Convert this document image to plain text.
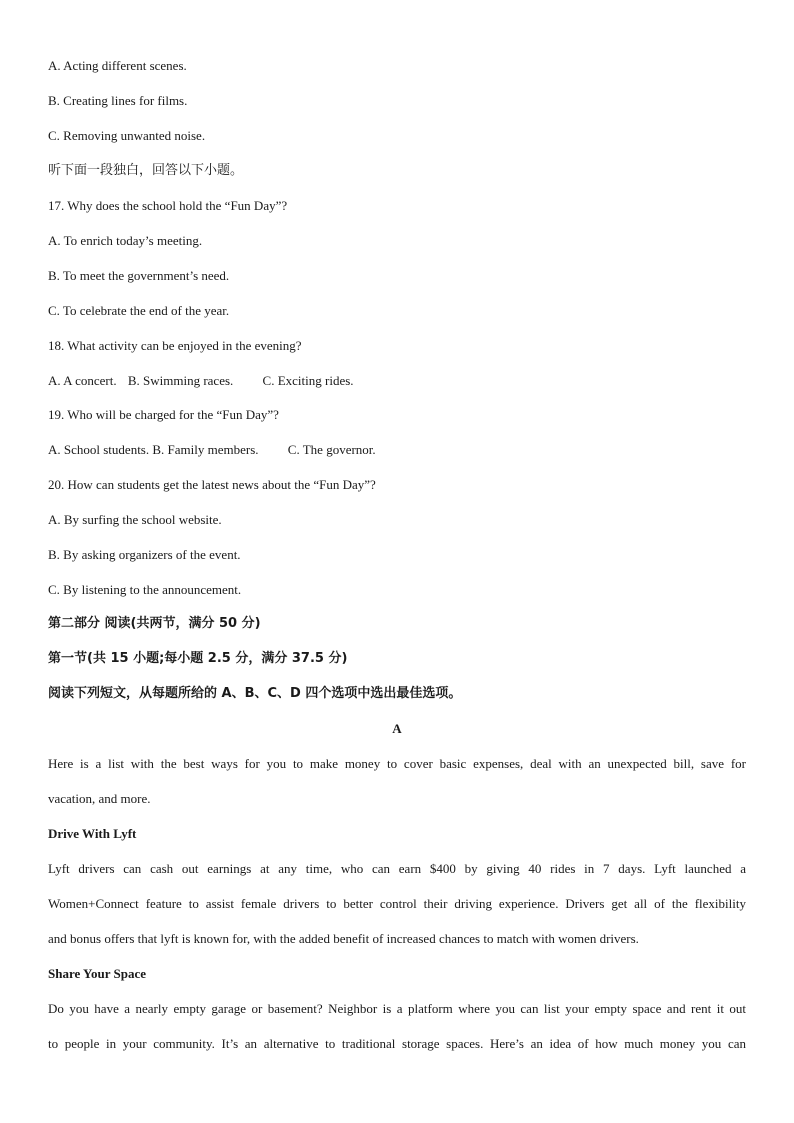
A. Acting different scenes.
B. Creating lines for films.
C. Removing unwanted noise.
听下面一段独白，回答以下小题。
17. Why does the school hold the “Fun Day”?
A. To enrich today’s meeting.
B. To meet the government’s need.
C. To celebrate the end of the year.
18. What activity can be enjoyed in the evening?
A. A concert. B. Swimming races. C. Exciting rides.
19. Who will be charged for the “Fun Day”?
A. School students. B. Family members. C. The governor.
20. How can students get the latest news about the “Fun Day”?
A. By surfing the school website.
B. By asking organizers of the event.
C. By listening to the announcement.
第二部分 阅读(共两节，满分 50 分)
第一节(共 15 小题;每小题 2.5 分，满分 37.5 分)
阅读下列短文，从每题所给的 A、B、C、D 四个选项中选出最佳选项。
A
Here is a list with the best ways for you to make money to cover basic expenses, deal with an unexpected bill, save for
vacation, and more.
Drive With Lyft
Lyft drivers can cash out earnings at any time, who can earn $400 by giving 40 rides in 7 days. Lyft launched a
Women+Connect feature to assist female drivers to better control their driving experience. Drivers get all of the flexibility
and bonus offers that lyft is known for, with the added benefit of increased chances to match with women drivers.
Share Your Space
Do you have a nearly empty garage or basement? Neighbor is a platform where you can list your empty space and rent it out
to people in your community. It’s an alternative to traditional storage spaces. Here’s an idea of how much money you can
